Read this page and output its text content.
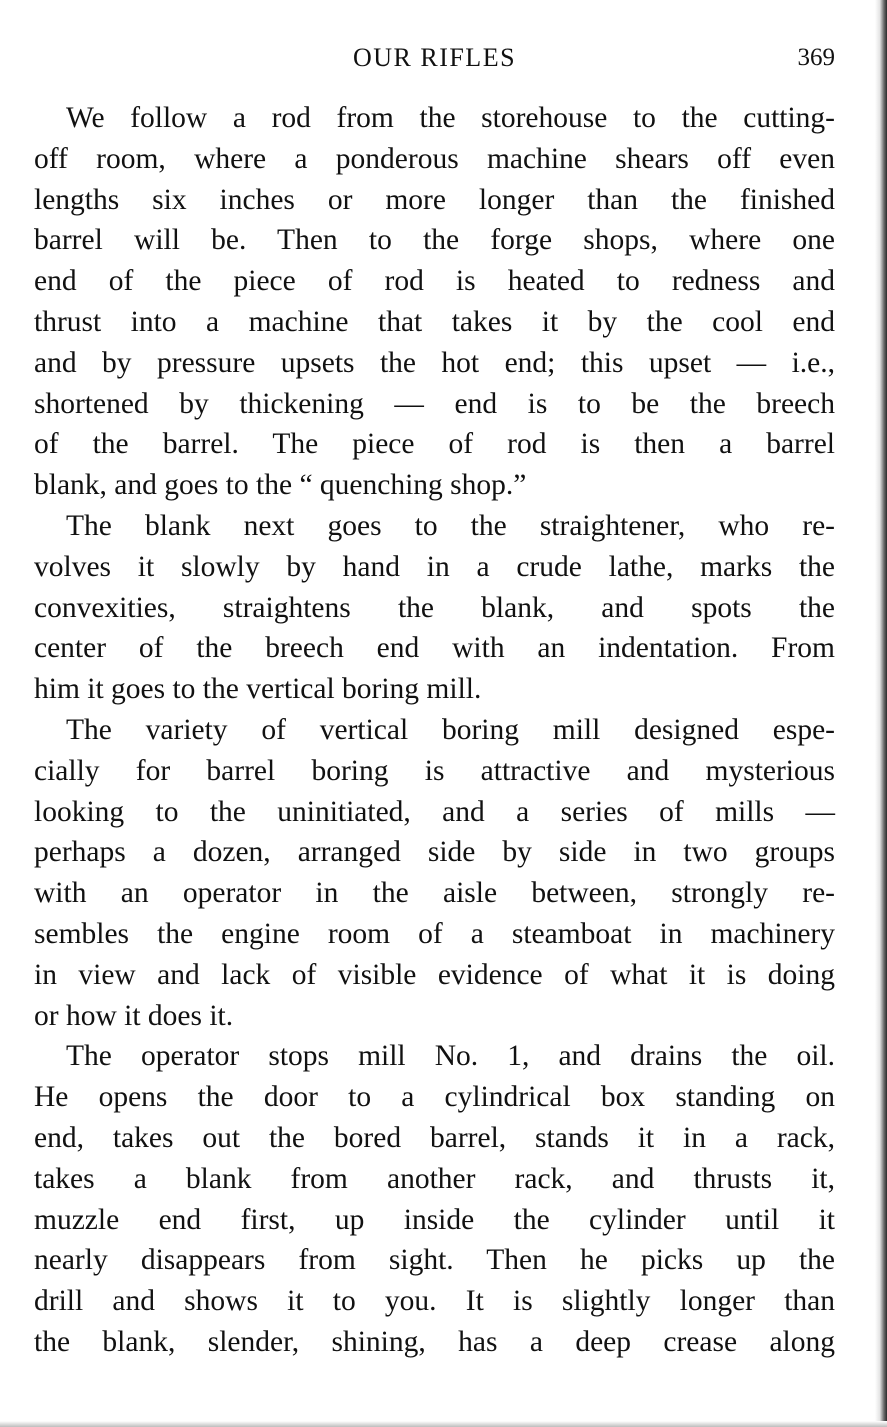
OUR RIFLES	369

We follow a rod from the storehouse to the cutting-
off room, where a ponderous machine shears off even
lengths six inches or more longer than the finished
barrel will be. Then to the forge shops, where one
end of the piece of rod is heated to redness and
thrust into a machine that takes it by the cool end
and by pressure upsets the hot end; this upset — i.e.,
shortened by thickening — end is to be the breech
of the barrel. The piece of rod is then a barrel
blank, and goes to the “ quenching shop.”

The blank next goes to the straightener, who re-
volves it slowly by hand in a crude lathe, marks the
convexities, straightens the blank, and spots the
center of the breech end with an indentation. From
him it goes to the vertical boring mill.

The variety of vertical boring mill designed espe-
cially for barrel boring is attractive and mysterious
looking to the uninitiated, and a series of mills —
perhaps a dozen, arranged side by side in two groups
with an operator in the aisle between, strongly re-
sembles the engine room of a steamboat in machinery
in view and lack of visible evidence of what it is doing
or how it does it.

The operator stops mill No. 1, and drains the oil.
He opens the door to a cylindrical box standing on
end, takes out the bored barrel, stands it in a rack,
takes a blank from another rack, and thrusts it,
muzzle end first, up inside the cylinder until it
nearly disappears from sight. Then he picks up the
drill and shows it to you. It is slightly longer than
the blank, slender, shining, has a deep crease along
